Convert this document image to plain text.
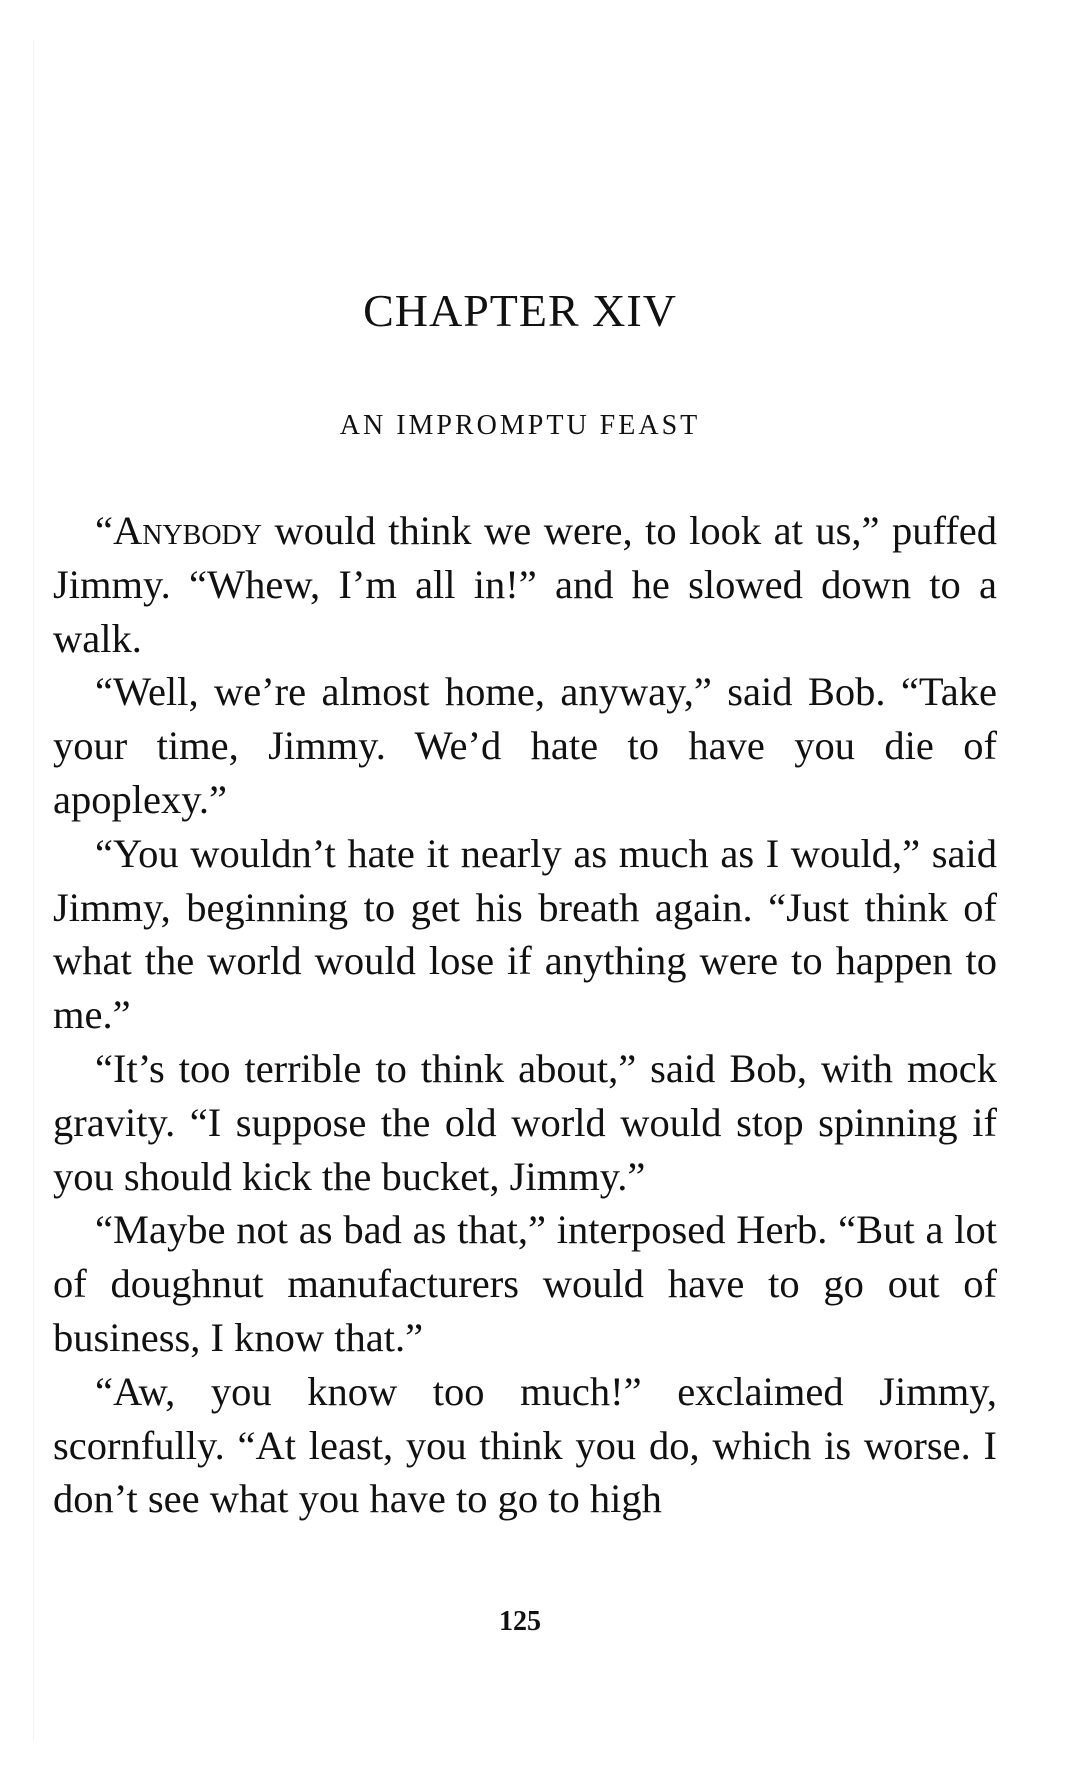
CHAPTER XIV
AN IMPROMPTU FEAST

“Anybody would think we were, to look at us,” puffed Jimmy. “Whew, I’m all in!” and he slowed down to a walk.

“Well, we’re almost home, anyway,” said Bob. “Take your time, Jimmy. We’d hate to have you die of apoplexy.”

“You wouldn’t hate it nearly as much as I would,” said Jimmy, beginning to get his breath again. “Just think of what the world would lose if anything were to happen to me.”

“It’s too terrible to think about,” said Bob, with mock gravity. “I suppose the old world would stop spinning if you should kick the bucket, Jimmy.”

“Maybe not as bad as that,” interposed Herb. “But a lot of doughnut manufacturers would have to go out of business, I know that.”

“Aw, you know too much!” exclaimed Jimmy, scornfully. “At least, you think you do, which is worse. I don’t see what you have to go to high

125
